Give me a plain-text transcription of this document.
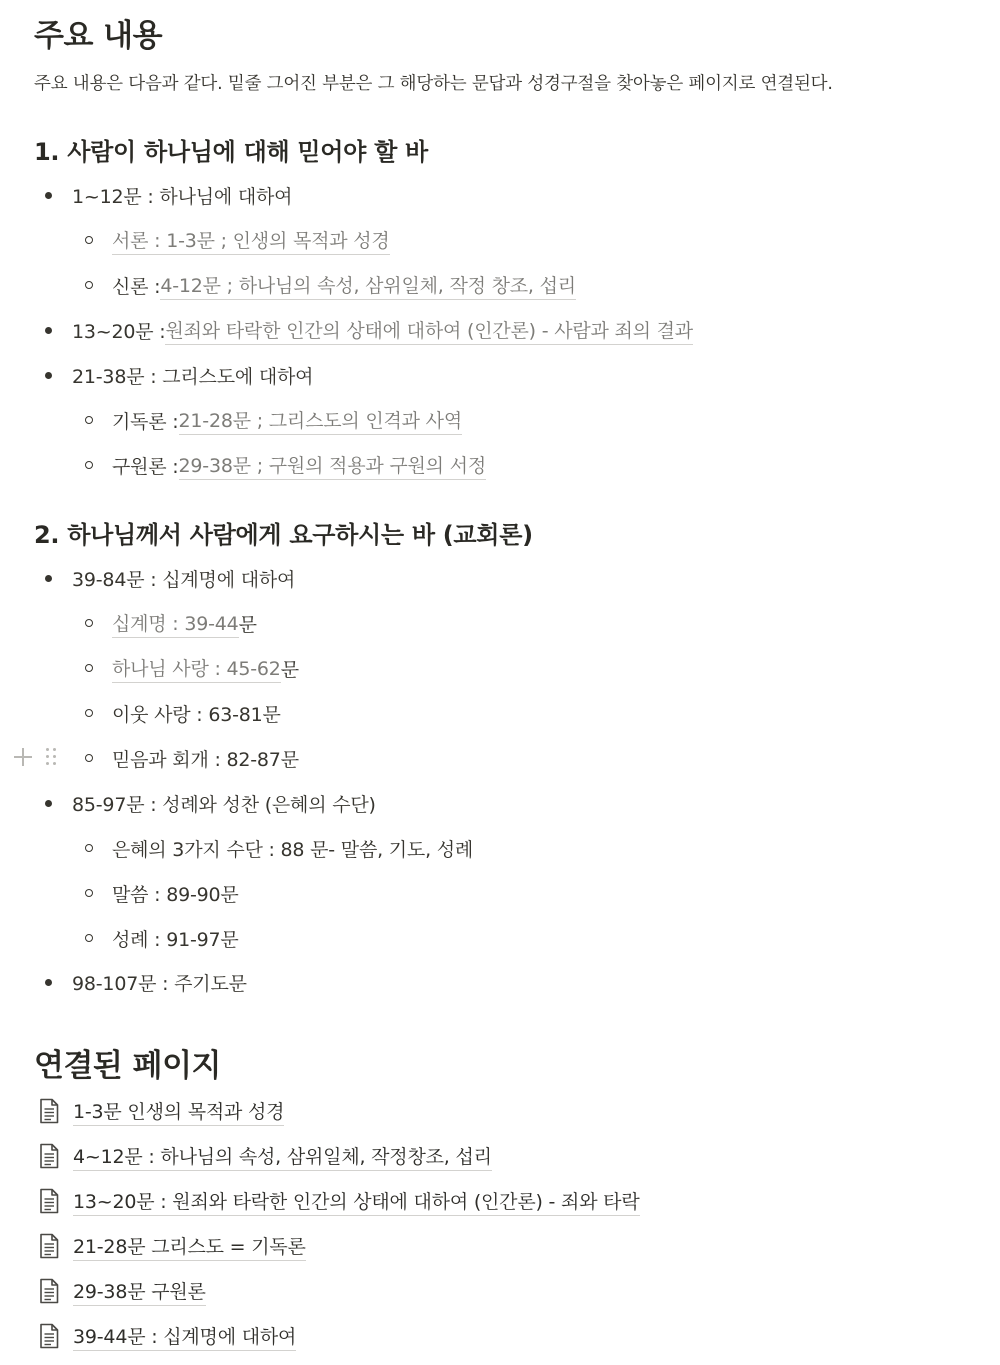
주요 내용
주요 내용은 다음과 같다. 밑줄 그어진 부분은 그 해당하는 문답과 성경구절을 찾아놓은 페이지로 연결된다.
1. 사람이 하나님에 대해 믿어야 할 바
1~12문 : 하나님에 대하여
서론 : 1-3문 ; 인생의 목적과 성경
신론 : 4-12문 ; 하나님의 속성, 삼위일체, 작정 창조, 섭리
13~20문 : 원죄와 타락한 인간의 상태에 대하여 (인간론) - 사람과 죄의 결과
21-38문 : 그리스도에 대하여
기독론 : 21-28문 ; 그리스도의 인격과 사역
구원론 : 29-38문 ; 구원의 적용과 구원의 서정
2. 하나님께서 사람에게 요구하시는 바 (교회론)
39-84문 : 십계명에 대하여
십계명 : 39-44 문
하나님 사랑 : 45-62 문
이웃 사랑 : 63-81문
믿음과 회개 : 82-87문
85-97문 : 성례와 성찬 (은혜의 수단)
은혜의 3가지 수단 : 88 문- 말씀, 기도, 성례
말씀 : 89-90문
성례 : 91-97문
98-107문 : 주기도문
연결된 페이지
1-3문 인생의 목적과 성경
4~12문 : 하나님의 속성, 삼위일체, 작정창조, 섭리
13~20문 : 원죄와 타락한 인간의 상태에 대하여 (인간론) - 죄와 타락
21-28문 그리스도 = 기독론
29-38문 구원론
39-44문 : 십계명에 대하여
